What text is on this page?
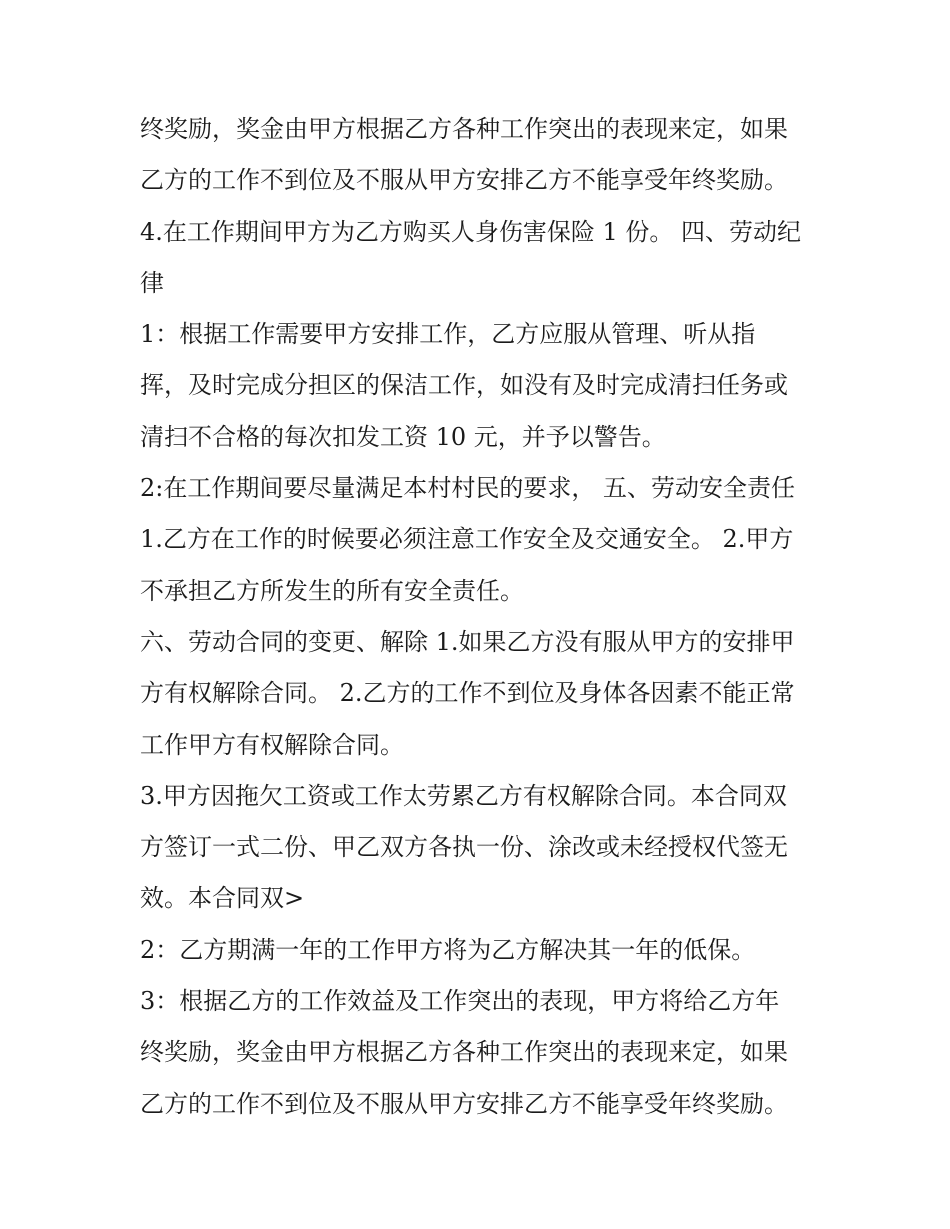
终奖励，奖金由甲方根据乙方各种工作突出的表现来定，如果
乙方的工作不到位及不服从甲方安排乙方不能享受年终奖励。
4.在工作期间甲方为乙方购买人身伤害保险 1 份。 四、劳动纪
律
1：根据工作需要甲方安排工作，乙方应服从管理、听从指
挥，及时完成分担区的保洁工作，如没有及时完成清扫任务或
清扫不合格的每次扣发工资 10 元，并予以警告。
2:在工作期间要尽量满足本村村民的要求， 五、劳动安全责任
1.乙方在工作的时候要必须注意工作安全及交通安全。 2.甲方
不承担乙方所发生的所有安全责任。
六、劳动合同的变更、解除 1.如果乙方没有服从甲方的安排甲
方有权解除合同。 2.乙方的工作不到位及身体各因素不能正常
工作甲方有权解除合同。
3.甲方因拖欠工资或工作太劳累乙方有权解除合同。本合同双
方签订一式二份、甲乙双方各执一份、涂改或未经授权代签无
效。本合同双>
2：乙方期满一年的工作甲方将为乙方解决其一年的低保。
3：根据乙方的工作效益及工作突出的表现，甲方将给乙方年
终奖励，奖金由甲方根据乙方各种工作突出的表现来定，如果
乙方的工作不到位及不服从甲方安排乙方不能享受年终奖励。
